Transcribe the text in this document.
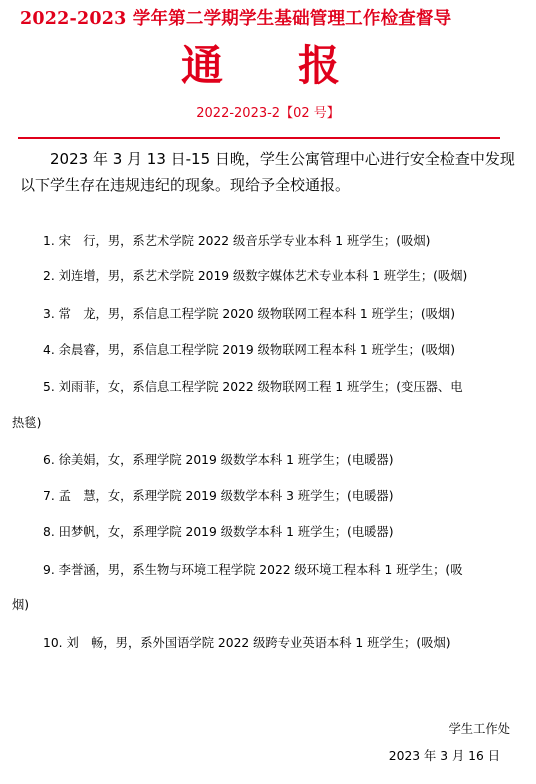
2022-2023 学年第二学期学生基础管理工作检查督导
通 报
2022-2023-2【02 号】
2023 年 3 月 13 日-15 日晚，学生公寓管理中心进行安全检查中发现
以下学生存在违规违纪的现象。现给予全校通报。
1. 宋　行，男，系艺术学院 2022 级音乐学专业本科 1 班学生；(吸烟)
2. 刘连增，男，系艺术学院 2019 级数字媒体艺术专业本科 1 班学生；(吸烟)
3. 常　龙，男，系信息工程学院 2020 级物联网工程本科 1 班学生；(吸烟)
4. 余晨睿，男，系信息工程学院 2019 级物联网工程本科 1 班学生；(吸烟)
5. 刘雨菲，女，系信息工程学院 2022 级物联网工程 1 班学生；(变压器、电
热毯)
6. 徐美娟，女，系理学院 2019 级数学本科 1 班学生；(电暖器)
7. 孟　慧，女，系理学院 2019 级数学本科 3 班学生；(电暖器)
8. 田梦帆，女，系理学院 2019 级数学本科 1 班学生；(电暖器)
9. 李誉涵，男，系生物与环境工程学院 2022 级环境工程本科 1 班学生；(吸
烟)
10. 刘　畅，男，系外国语学院 2022 级跨专业英语本科 1 班学生；(吸烟)
学生工作处
2023 年 3 月 16 日
